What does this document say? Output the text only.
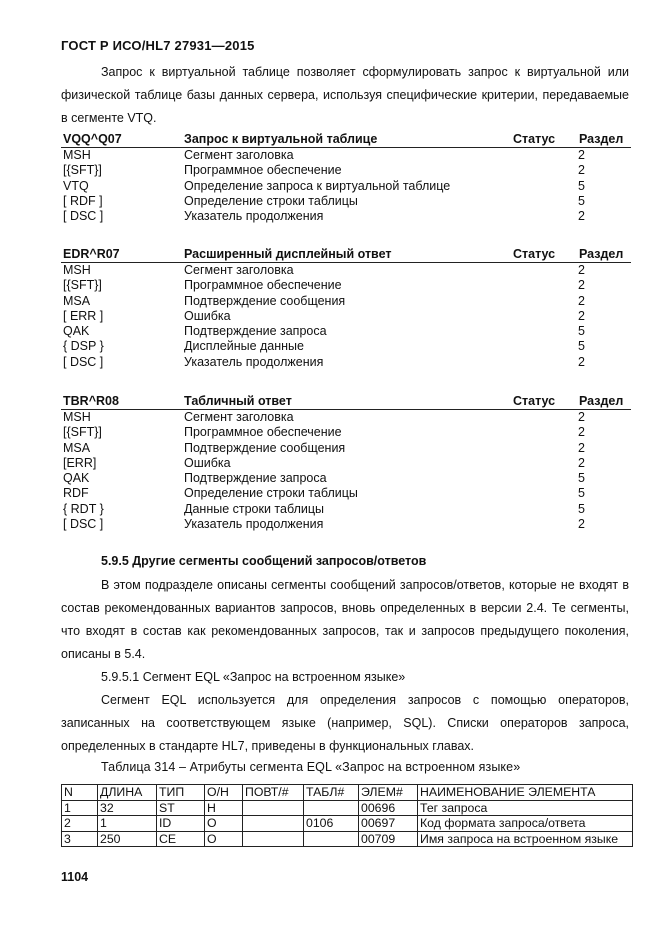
ГОСТ Р ИСО/HL7 27931—2015
Запрос к виртуальной таблице позволяет сформулировать запрос к виртуальной или физической таблице базы данных сервера, используя специфические критерии, передаваемые в сегменте VTQ.
VQQ^Q07	Запрос к виртуальной таблице	Статус Раздел
MSH	Сегмент заголовка	2
[{SFT}]	Программное обеспечение	2
VTQ	Определение запроса к виртуальной таблице	5
[ RDF ]	Определение строки таблицы	5
[ DSC ]	Указатель продолжения	2
EDR^R07	Расширенный дисплейный ответ	Статус Раздел
MSH	Сегмент заголовка	2
[{SFT}]	Программное обеспечение	2
MSA	Подтверждение сообщения	2
[ ERR ]	Ошибка	2
QAK	Подтверждение запроса	5
{ DSP }	Дисплейные данные	5
[ DSC ]	Указатель продолжения	2
TBR^R08	Табличный ответ	Статус Раздел
MSH	Сегмент заголовка	2
[{SFT}]	Программное обеспечение	2
MSA	Подтверждение сообщения	2
[ERR]	Ошибка	2
QAK	Подтверждение запроса	5
RDF	Определение строки таблицы	5
{ RDT }	Данные строки таблицы	5
[ DSC ]	Указатель продолжения	2
5.9.5 Другие сегменты сообщений запросов/ответов
В этом подразделе описаны сегменты сообщений запросов/ответов, которые не входят в состав рекомендованных вариантов запросов, вновь определенных в версии 2.4. Те сегменты, что входят в состав как рекомендованных запросов, так и запросов предыдущего поколения, описаны в 5.4.
5.9.5.1 Сегмент EQL «Запрос на встроенном языке»
Сегмент EQL используется для определения запросов с помощью операторов, записанных на соответствующем языке (например, SQL). Списки операторов запроса, определенных в стандарте HL7, приведены в функциональных главах.
Таблица 314 – Атрибуты сегмента EQL «Запрос на встроенном языке»
N	ДЛИНА	ТИП	О/Н	ПОВТ/#	ТАБЛ#	ЭЛЕМ#	НАИМЕНОВАНИЕ ЭЛЕМЕНТА
1	32	ST	Н			00696	Тег запроса
2	1	ID	О		0106	00697	Код формата запроса/ответа
3	250	CE	О			00709	Имя запроса на встроенном языке
1104
